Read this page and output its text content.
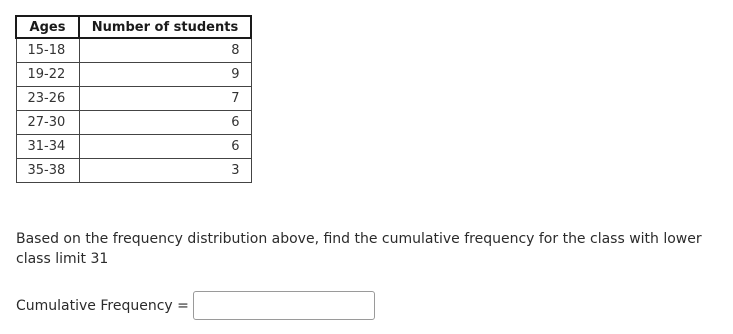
Ages	Number of students
15-18	8
19-22	9
23-26	7
27-30	6
31-34	6
35-38	3
Based on the frequency distribution above, find the cumulative frequency for the class with lower class limit 31
Cumulative Frequency =
